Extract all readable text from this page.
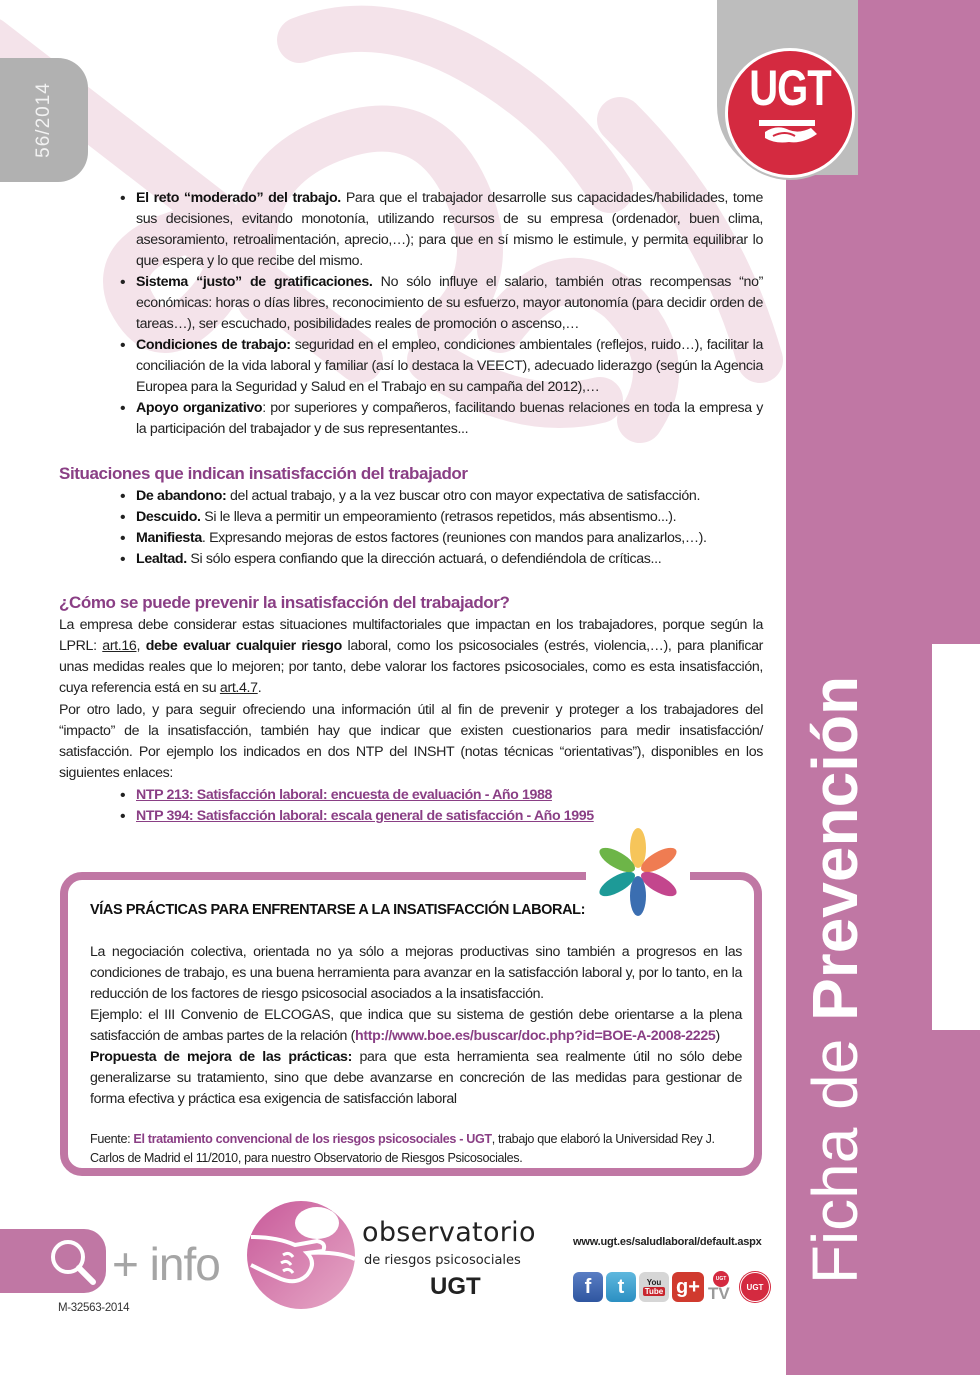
56/2014	UGT
Ficha de Prevención
• El reto “moderado” del trabajo. Para que el trabajador desarrolle sus capacidades/habilidades, tome sus decisiones, evitando monotonía, utilizando recursos de su empresa (ordenador, buen clima, asesoramiento, retroalimentación, aprecio,…); para que en sí mismo le estimule, y permita equilibrar lo que espera y lo que recibe del mismo.
• Sistema “justo” de gratificaciones. No sólo influye el salario, también otras recompensas “no” económicas: horas o días libres, reconocimiento de su esfuerzo, mayor autonomía (para decidir orden de tareas…), ser escuchado, posibilidades reales de promoción o ascenso,…
• Condiciones de trabajo: seguridad en el empleo, condiciones ambientales (reflejos, ruido…), facilitar la conciliación de la vida laboral y familiar (así lo destaca la VEECT), adecuado liderazgo (según la Agencia Europea para la Seguridad y Salud en el Trabajo en su campaña del 2012),…
• Apoyo organizativo: por superiores y compañeros, facilitando buenas relaciones en toda la empresa y la participación del trabajador y de sus representantes...
Situaciones que indican insatisfacción del trabajador
• De abandono: del actual trabajo, y a la vez buscar otro con mayor expectativa de satisfacción.
• Descuido. Si le lleva a permitir un empeoramiento (retrasos repetidos, más absentismo...).
• Manifiesta. Expresando mejoras de estos factores (reuniones con mandos para analizarlos,…).
• Lealtad. Si sólo espera confiando que la dirección actuará, o defendiéndola de críticas...
¿Cómo se puede prevenir la insatisfacción del trabajador?
La empresa debe considerar estas situaciones multifactoriales que impactan en los trabajadores, porque según la LPRL: art.16, debe evaluar cualquier riesgo laboral, como los psicosociales (estrés, violencia,…), para planificar unas medidas reales que lo mejoren; por tanto, debe valorar los factores psicosociales, como es esta insatisfacción, cuya referencia está en su art.4.7.
Por otro lado, y para seguir ofreciendo una información útil al fin de prevenir y proteger a los trabajadores del “impacto” de la insatisfacción, también hay que indicar que existen cuestionarios para medir insatisfacción/ satisfacción. Por ejemplo los indicados en dos NTP del INSHT (notas técnicas “orientativas”), disponibles en los siguientes enlaces:
• NTP 213: Satisfacción laboral: encuesta de evaluación - Año 1988
• NTP 394: Satisfacción laboral: escala general de satisfacción - Año 1995
VÍAS PRÁCTICAS PARA ENFRENTARSE A LA INSATISFACCIÓN LABORAL:
La negociación colectiva, orientada no ya sólo a mejoras productivas sino también a progresos en las condiciones de trabajo, es una buena herramienta para avanzar en la satisfacción laboral y, por lo tanto, en la reducción de los factores de riesgo psicosocial asociados a la insatisfacción.
Ejemplo: el III Convenio de ELCOGAS, que indica que su sistema de gestión debe orientarse a la plena satisfacción de ambas partes de la relación (http://www.boe.es/buscar/doc.php?id=BOE-A-2008-2225)
Propuesta de mejora de las prácticas: para que esta herramienta sea realmente útil no sólo debe generalizarse su tratamiento, sino que debe avanzarse en concreción de las medidas para gestionar de forma efectiva y práctica esa exigencia de satisfacción laboral
Fuente: El tratamiento convencional de los riesgos psicosociales - UGT, trabajo que elaboró la Universidad Rey J. Carlos de Madrid el 11/2010, para nuestro Observatorio de Riesgos Psicosociales.
+ info
M-32563-2014
observatorio
de riesgos psicosociales
UGT
www.ugt.es/saludlaboral/default.aspx
f	t	You
Tube g+	UGT
TV	UGT
